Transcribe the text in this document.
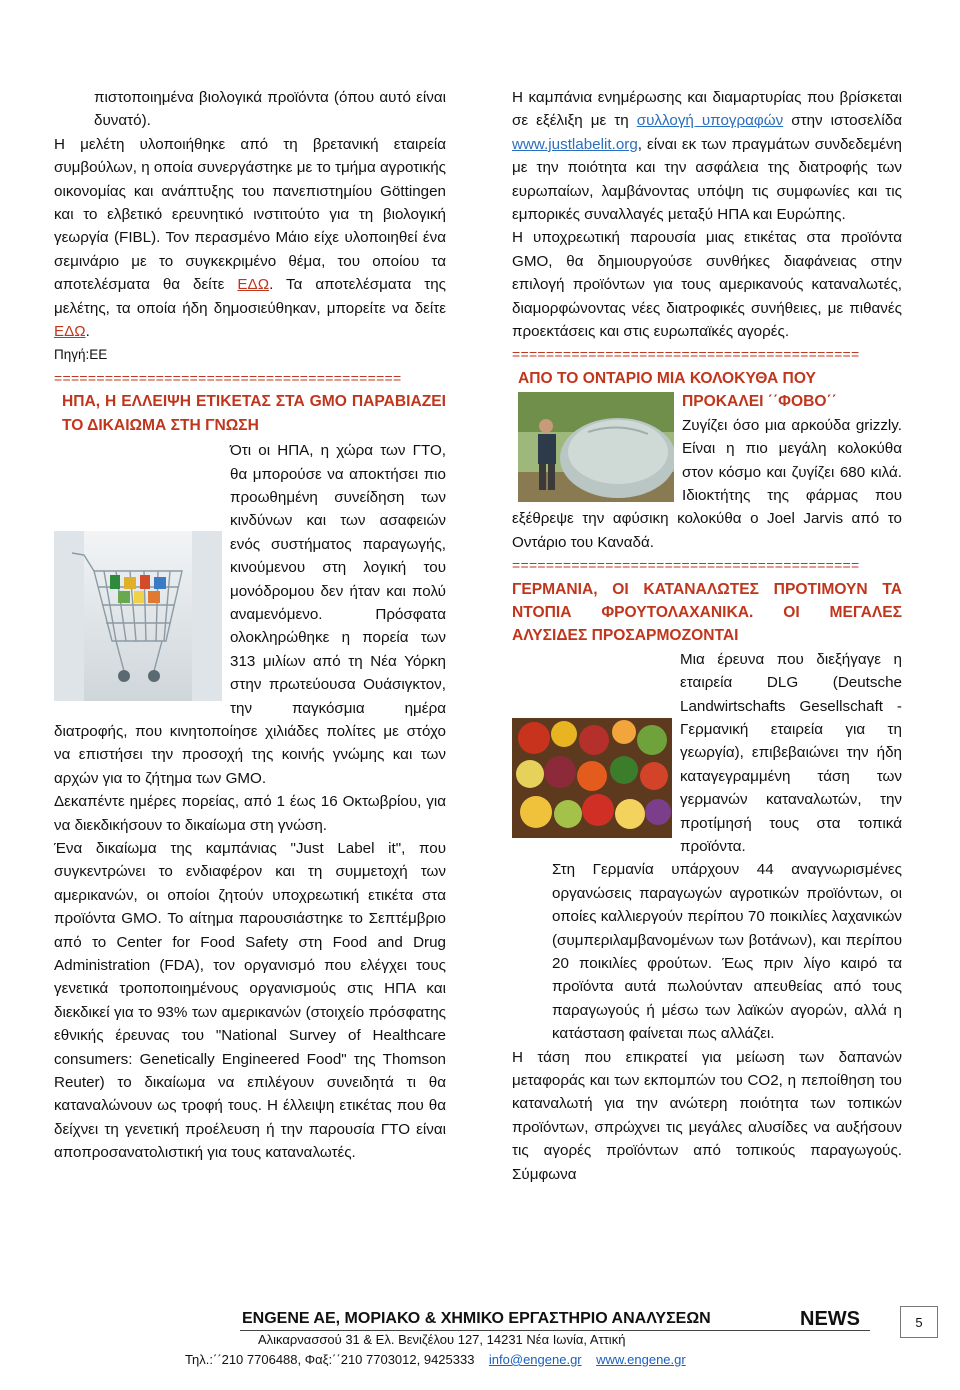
πιστοποιημένα βιολογικά προϊόντα (όπου αυτό είναι δυνατό).

Η μελέτη υλοποιήθηκε από τη βρετανική εταιρεία συμβούλων, η οποία συνεργάστηκε με το τμήμα αγροτικής οικονομίας και ανάπτυξης του πανεπιστημίου Göttingen και το ελβετικό ερευνητικό ινστιτούτο για τη βιολογική γεωργία (FIBL). Τον περασμένο Μάιο είχε υλοποιηθεί ένα σεμινάριο με το συγκεκριμένο θέμα, του οποίου τα αποτελέσματα θα δείτε ΕΔΩ. Τα αποτελέσματα της μελέτης, τα οποία ήδη δημοσιεύθηκαν, μπορείτε να δείτε ΕΔΩ.

Πηγή:ΕΕ

=========================================
ΗΠΑ, Η ΕΛΛΕΙΨΗ ΕΤΙΚΕΤΑΣ ΣΤΑ GMO ΠΑΡΑΒΙΑΖΕΙ ΤΟ ΔΙΚΑΙΩΜΑ ΣΤΗ ΓΝΩΣΗ

Ότι οι ΗΠΑ, η χώρα των ΓΤΟ, θα μπορούσε να αποκτήσει πιο προωθημένη συνείδηση των κινδύνων και των ασαφειών ενός συστήματος παραγωγής, κινούμενου στη λογική του μονόδρομου δεν ήταν και πολύ αναμενόμενο. Πρόσφατα ολοκληρώθηκε η πορεία των 313 μιλίων από τη Νέα Υόρκη στην πρωτεύουσα Ουάσιγκτον, την παγκόσμια ημέρα διατροφής, που κινητοποίησε χιλιάδες πολίτες με στόχο να επιστήσει την προσοχή της κοινής γνώμης και των αρχών για το ζήτημα των GMO.

Δεκαπέντε ημέρες πορείας, από 1 έως 16 Οκτωβρίου, για να διεκδικήσουν το δικαίωμα στη γνώση.

Ένα δικαίωμα της καμπάνιας "Just Label it", που συγκεντρώνει το ενδιαφέρον και τη συμμετοχή των αμερικανών, οι οποίοι ζητούν υποχρεωτική ετικέτα στα προϊόντα GMO. Το αίτημα παρουσιάστηκε το Σεπτέμβριο από το Center for Food Safety στη Food and Drug Administration (FDA), τον οργανισμό που ελέγχει τους γενετικά τροποποιημένους οργανισμούς στις ΗΠΑ και διεκδικεί για το 93% των αμερικανών (στοιχείο πρόσφατης εθνικής έρευνας του "National Survey of Healthcare consumers: Genetically Engineered Food" της Thomson Reuter) το δικαίωμα να επιλέγουν συνειδητά τι θα καταναλώνουν ως τροφή τους. Η έλλειψη ετικέτας που θα δείχνει τη γενετική προέλευση ή την παρουσία ΓΤΟ είναι αποπροσανατολιστική για τους καταναλωτές.

Η καμπάνια ενημέρωσης και διαμαρτυρίας που βρίσκεται σε εξέλιξη με τη συλλογή υπογραφών στην ιστοσελίδα www.justlabelit.org, είναι εκ των πραγμάτων συνδεδεμένη με την ποιότητα και την ασφάλεια της διατροφής των ευρωπαίων, λαμβάνοντας υπόψη τις συμφωνίες και τις εμπορικές συναλλαγές μεταξύ ΗΠΑ και Ευρώπης.

Η υποχρεωτική παρουσία μιας ετικέτας στα προϊόντα GMO, θα δημιουργούσε συνθήκες διαφάνειας στην επιλογή προϊόντων για τους αμερικανούς καταναλωτές, διαμορφώνοντας νέες διατροφικές συνήθειες, με πιθανές προεκτάσεις και στις ευρωπαϊκές αγορές.

=========================================
ΑΠΟ ΤΟ ΟΝΤΑΡΙΟ ΜΙΑ ΚΟΛΟΚΥΘΑ ΠΟΥ

ΠΡΟΚΑΛΕΙ ΄΄ΦΟΒΟ΄΄
Ζυγίζει όσο μια αρκούδα grizzly. Είναι η πιο μεγάλη κολοκύθα στον κόσμο και ζυγίζει 680 κιλά. Ιδιοκτήτης της φάρμας που εξέθρεψε την αφύσικη κολοκύθα ο Joel Jarvis από το Οντάριο του Καναδά.

=========================================
ΓΕΡΜΑΝΙΑ, ΟΙ ΚΑΤΑΝΑΛΩΤΕΣ ΠΡΟΤΙΜΟΥΝ ΤΑ ΝΤΟΠΙΑ ΦΡΟΥΤΟΛΑΧΑΝΙΚΑ. ΟΙ ΜΕΓΑΛΕΣ ΑΛΥΣΙΔΕΣ ΠΡΟΣΑΡΜΟΖΟΝΤΑΙ

Μια έρευνα που διεξήγαγε η εταιρεία DLG (Deutsche Landwirtschafts Gesellschaft - Γερμανική εταιρεία για τη γεωργία), επιβεβαιώνει την ήδη καταγεγραμμένη τάση των γερμανών καταναλωτών, την προτίμησή τους στα τοπικά προϊόντα.

Στη Γερμανία υπάρχουν 44 αναγνωρισμένες οργανώσεις παραγωγών αγροτικών προϊόντων, οι οποίες καλλιεργούν περίπου 70 ποικιλίες λαχανικών (συμπεριλαμβανομένων των βοτάνων), και περίπου 20 ποικιλίες φρούτων. Έως πριν λίγο καιρό τα προϊόντα αυτά πωλούνταν απευθείας από τους παραγωγούς ή μέσω των λαϊκών αγορών, αλλά η κατάσταση φαίνεται πως αλλάζει.

Η τάση που επικρατεί για μείωση των δαπανών μεταφοράς και των εκπομπών του CO2, η πεποίθηση του καταναλωτή για την ανώτερη ποιότητα των τοπικών προϊόντων, σπρώχνει τις μεγάλες αλυσίδες να αυξήσουν τις αγορές προϊόντων από τοπικούς παραγωγούς. Σύμφωνα

ENGENE AE, ΜΟΡΙΑΚΟ & ΧΗΜΙΚΟ ΕΡΓΑΣΤΗΡΙΟ ΑΝΑΛΥΣΕΩΝ	NEWS	5
Αλικαρνασσού 31 & Ελ. Βενιζέλου 127, 14231 Νέα Ιωνία, Αττική
Τηλ.:΄΄210 7706488, Φαξ:΄΄210 7703012, 9425333 info@engene.gr www.engene.gr
